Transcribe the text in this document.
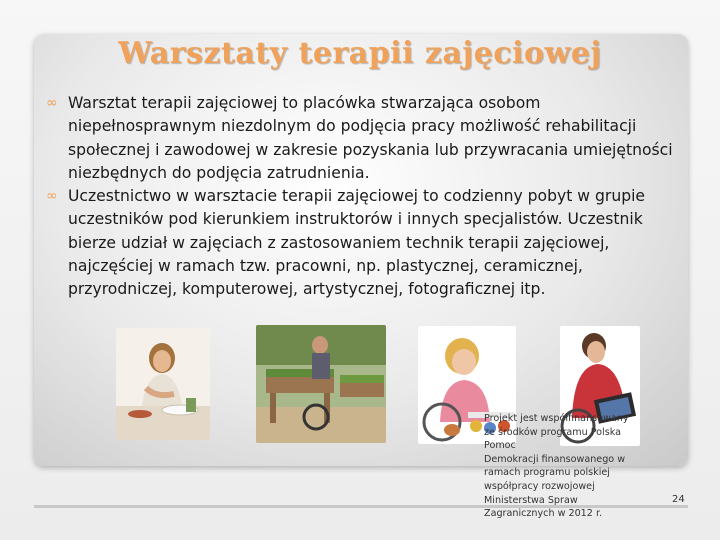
Warsztaty terapii zajęciowej
∞ Warsztat terapii zajęciowej to placówka stwarzająca osobom niepełnosprawnym niezdolnym do podjęcia pracy możliwość rehabilitacji społecznej i zawodowej w zakresie pozyskania lub przywracania umiejętności niezbędnych do podjęcia zatrudnienia.
∞ Uczestnictwo w warsztacie terapii zajęciowej to codzienny pobyt w grupie uczestników pod kierunkiem instruktorów i innych specjalistów. Uczestnik bierze udział w zajęciach z zastosowaniem technik terapii zajęciowej, najczęściej w ramach tzw. pracowni, np. plastycznej, ceramicznej, przyrodniczej, komputerowej, artystycznej, fotograficznej itp.
Projekt jest współfinansowany
ze środków programu Polska Pomoc
Demokracji finansowanego w
ramach programu polskiej
współpracy rozwojowej
Ministerstwa Spraw
Zagranicznych w 2012 r.
24
